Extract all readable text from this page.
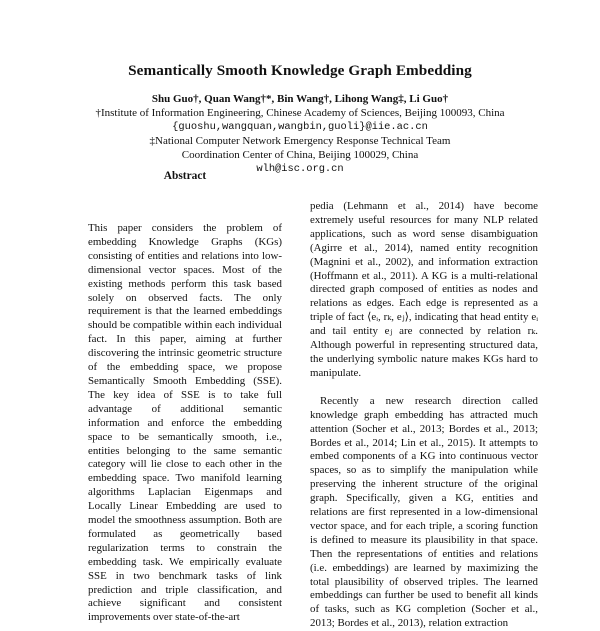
Semantically Smooth Knowledge Graph Embedding
Shu Guo†, Quan Wang†*, Bin Wang†, Lihong Wang‡, Li Guo†
†Institute of Information Engineering, Chinese Academy of Sciences, Beijing 100093, China
{guoshu,wangquan,wangbin,guoli}@iie.ac.cn
‡National Computer Network Emergency Response Technical Team
Coordination Center of China, Beijing 100029, China
wlh@isc.org.cn
Abstract

This paper considers the problem of embedding Knowledge Graphs (KGs) consisting of entities and relations into low-dimensional vector spaces. Most of the existing methods perform this task based solely on observed facts. The only requirement is that the learned embeddings should be compatible within each individual fact. In this paper, aiming at further discovering the intrinsic geometric structure of the embedding space, we propose Semantically Smooth Embedding (SSE). The key idea of SSE is to take full advantage of additional semantic information and enforce the embedding space to be semantically smooth, i.e., entities belonging to the same semantic category will lie close to each other in the embedding space. Two manifold learning algorithms Laplacian Eigenmaps and Locally Linear Embedding are used to model the smoothness assumption. Both are formulated as geometrically based regularization terms to constrain the embedding task. We empirically evaluate SSE in two benchmark tasks of link prediction and triple classification, and achieve significant and consistent improvements over state-of-the-art

pedia (Lehmann et al., 2014) have become extremely useful resources for many NLP related applications, such as word sense disambiguation (Agirre et al., 2014), named entity recognition (Magnini et al., 2002), and information extraction (Hoffmann et al., 2011). A KG is a multi-relational directed graph composed of entities as nodes and relations as edges. Each edge is represented as a triple of fact ⟨eᵢ, rₖ, eⱼ⟩, indicating that head entity eᵢ and tail entity eⱼ are connected by relation rₖ. Although powerful in representing structured data, the underlying symbolic nature makes KGs hard to manipulate.

Recently a new research direction called knowledge graph embedding has attracted much attention (Socher et al., 2013; Bordes et al., 2013; Bordes et al., 2014; Lin et al., 2015). It attempts to embed components of a KG into continuous vector spaces, so as to simplify the manipulation while preserving the inherent structure of the original graph. Specifically, given a KG, entities and relations are first represented in a low-dimensional vector space, and for each triple, a scoring function is defined to measure its plausibility in that space. Then the representations of entities and relations (i.e. embeddings) are learned by maximizing the total plausibility of observed triples. The learned embeddings can further be used to benefit all kinds of tasks, such as KG completion (Socher et al., 2013; Bordes et al., 2013), relation extraction
